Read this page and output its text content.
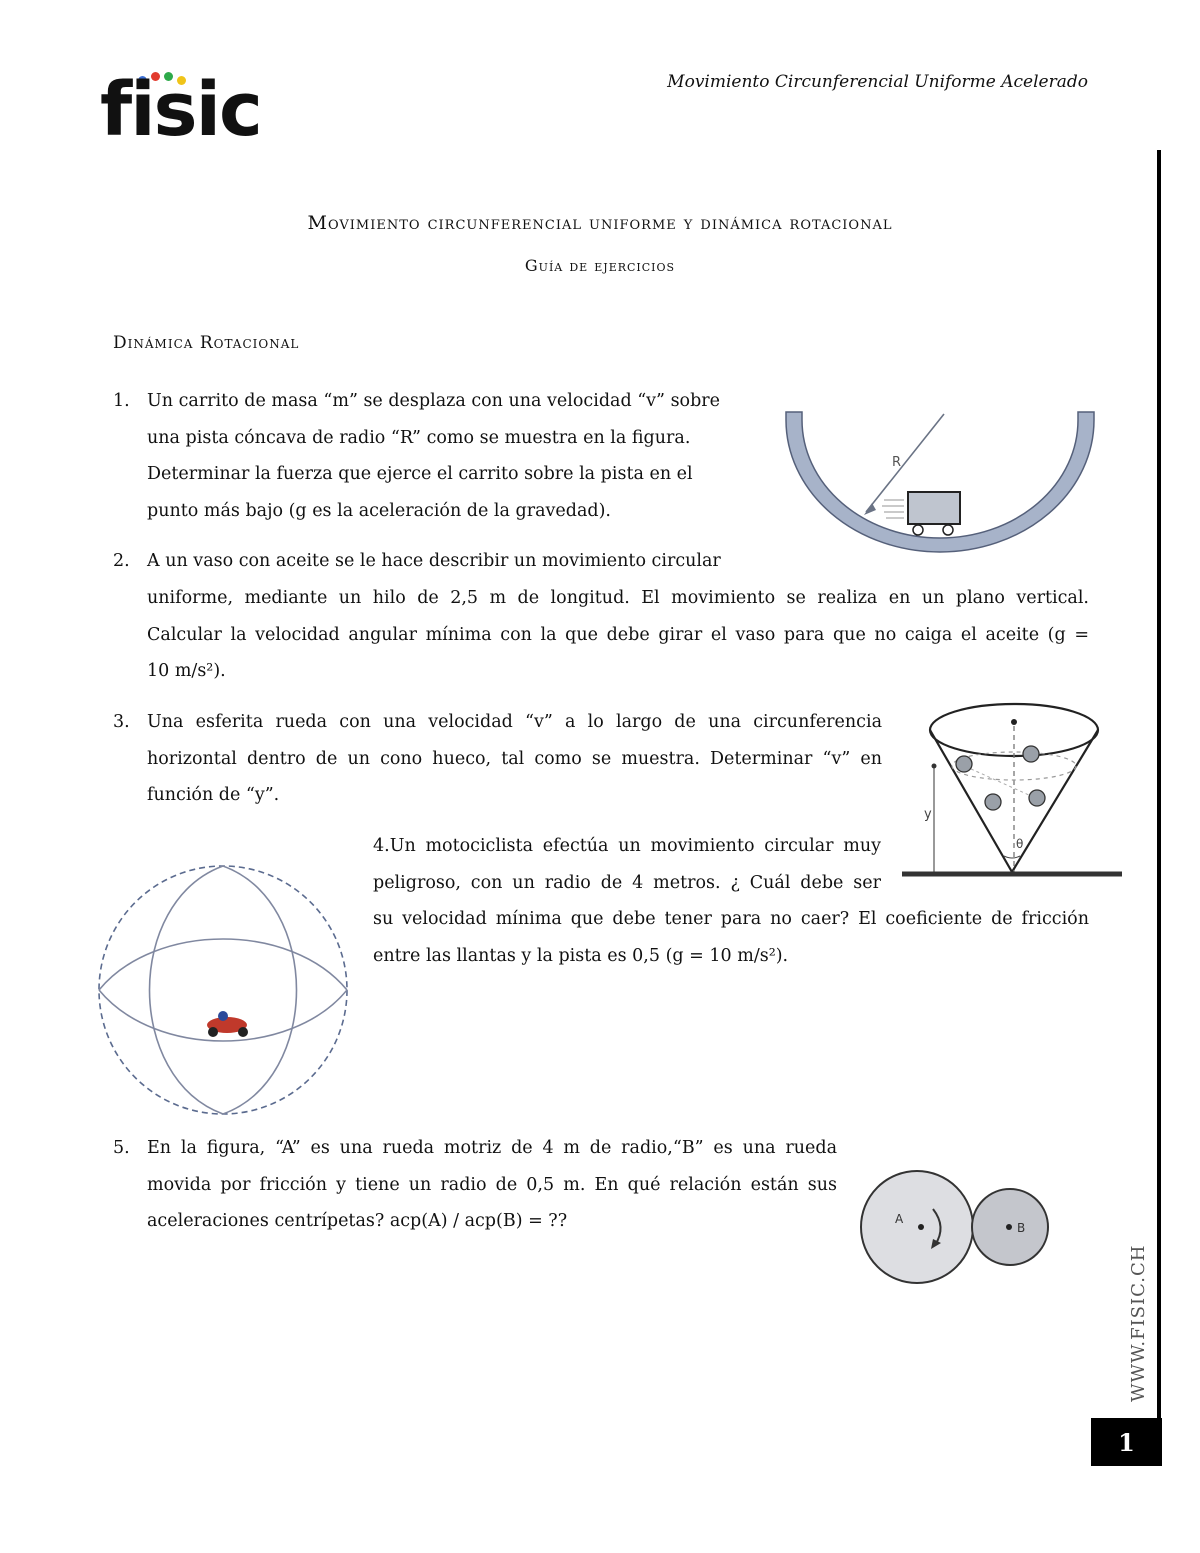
fisic	Movimiento Circunferencial Uniforme Acelerado
Movimiento circunferencial uniforme y dinámica rotacional
Guía de ejercicios
Dinámica Rotacional
1. Un carrito de masa “m” se desplaza con una velocidad “v” sobre
una pista cóncava de radio “R” como se muestra en la figura.
Determinar la fuerza que ejerce el carrito sobre la pista en el
punto más bajo (g es la aceleración de la gravedad).
R
2. A un vaso con aceite se le hace describir un movimiento circular
uniforme, mediante un hilo de 2,5 m de longitud. El movimiento se realiza en un plano vertical.
Calcular la velocidad angular mínima con la que debe girar el vaso para que no caiga el aceite (g =
10 m/s²).
3. Una esferita rueda con una velocidad “v” a lo largo de una circunferencia
horizontal dentro de un cono hueco, tal como se muestra. Determinar “v” en
función de “y”.
y
θ
4.Un motociclista efectúa un movimiento circular muy
peligroso, con un radio de 4 metros. ¿ Cuál debe ser
su velocidad mínima que debe tener para no caer? El coeficiente de fricción
entre las llantas y la pista es 0,5 (g = 10 m/s²).
5. En la figura, “A” es una rueda motriz de 4 m de radio,“B” es una rueda
movida por fricción y tiene un radio de 0,5 m. En qué relación están sus
aceleraciones centrípetas? acp(A) / acp(B) = ??	A
B
WWW.FISIC.CH
1
